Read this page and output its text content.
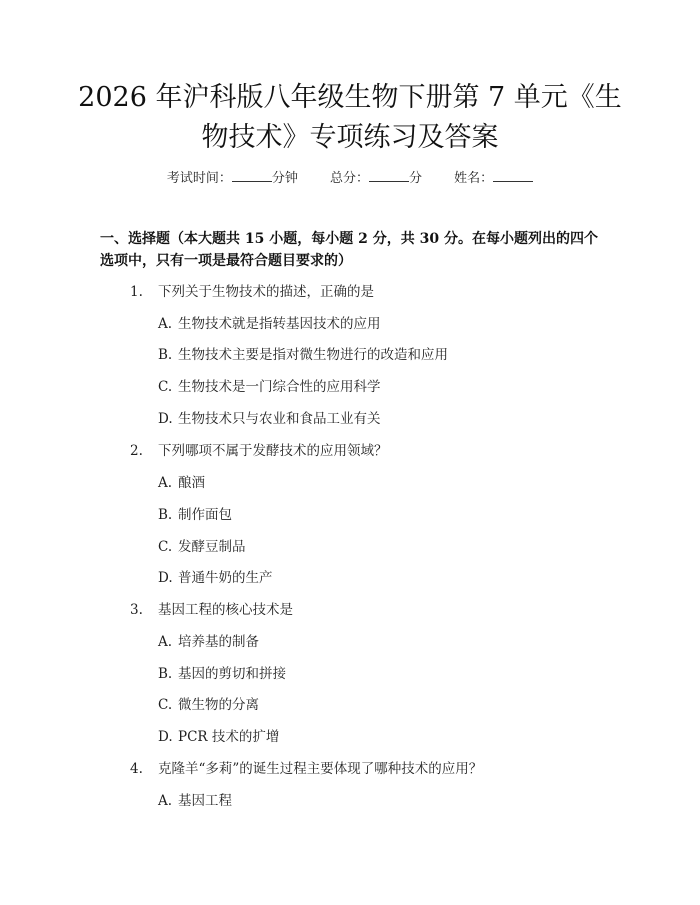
2026 年沪科版八年级生物下册第 7 单元《生
物技术》专项练习及答案
考试时间：	分钟 总分：	分 姓名：
一、选择题（本大题共 15 小题，每小题 2 分，共 30 分。在每小题列出的四个选项中，只有一项是最符合题目要求的）
1. 下列关于生物技术的描述，正确的是
A. 生物技术就是指转基因技术的应用
B. 生物技术主要是指对微生物进行的改造和应用
C. 生物技术是一门综合性的应用科学
D. 生物技术只与农业和食品工业有关
2. 下列哪项不属于发酵技术的应用领域？
A. 酿酒
B. 制作面包
C. 发酵豆制品
D. 普通牛奶的生产
3. 基因工程的核心技术是
A. 培养基的制备
B. 基因的剪切和拼接
C. 微生物的分离
D. PCR 技术的扩增
4. 克隆羊“多莉”的诞生过程主要体现了哪种技术的应用？
A. 基因工程
